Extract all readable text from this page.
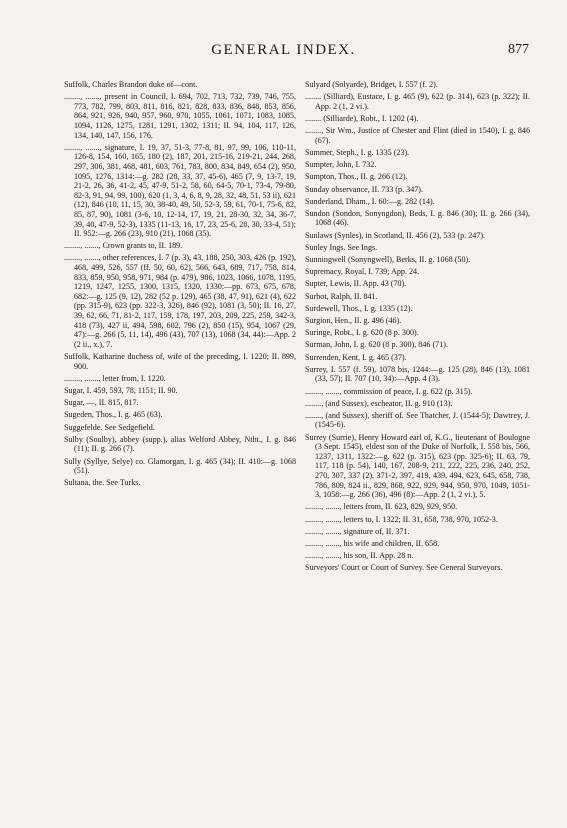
GENERAL INDEX.	877

Suffolk, Charles Brandon duke of—cont.

........, ......., present in Council, I. 694, 702, 713, 732, 739, 746, 755, 773, 782, 799, 803, 811, 816, 821, 828, 833, 836, 848, 853, 856, 864, 921, 926, 940, 957, 960, 970, 1055, 1061, 1071, 1083, 1085, 1094, 1126, 1275, 1281, 1291, 1302, 1311; II. 94, 104, 117, 126, 134, 140, 147, 156, 176.

........, ......., signature, I. 19, 37, 51-3, 77-8, 81, 97, 99, 106, 110-11, 126-8, 154, 160, 165, 180 (2), 187, 201, 215-16, 219-21, 244, 268, 297, 306, 381, 468, 481, 603, 761, 783, 800, 834, 849, 654 (2), 950, 1095, 1276, 1314:—g. 282 (28, 33, 37, 45-6), 465 (7, 9, 13-7, 19, 21-2, 26, 36, 41-2, 45, 47-9, 51-2, 58, 60, 64-5, 70-1, 73-4, 79-80, 82-3, 91, 94, 99, 100), 620 (1, 3, 4, 6, 8, 9, 28, 32, 48, 51, 53 ii), 621 (12), 846 (10, 11, 15, 30, 38-40, 49, 50, 52-3, 59, 61, 70-1, 75-6, 82, 85, 87, 90), 1081 (3-6, 10, 12-14, 17, 19, 21, 28-30, 32, 34, 36-7, 39, 40, 47-9, 52-3), 1335 (11-13, 16, 17, 23, 25-6, 28, 30, 33-4, 51); II. 952:—g. 266 (23), 910 (21), 1068 (35).

........, ......., Crown grants to, II. 189.

........, ......., other references, I. 7 (p. 3), 43, 188, 250, 303, 426 (p. 192), 468, 499, 526, 557 (ff. 50, 60, 62), 566, 643, 689, 717, 758, 814, 833, 859, 950, 958, 971, 984 (p. 479), 986, 1023, 1066, 1078, 1195, 1219, 1247, 1255, 1300, 1315, 1320, 1330:—pp. 673, 675, 678, 682:—g. 125 (9, 12), 282 (52 p. 129), 465 (38, 47, 91), 621 (4), 622 (pp. 315-9), 623 (pp. 322-3, 326), 846 (92), 1081 (3, 50); II. 16, 27, 39, 62, 66, 71, 81-2, 117, 159, 178, 197, 203, 209, 225, 259, 342-3, 418 (73), 427 ii, 494, 598, 602, 796 (2), 850 (15), 954, 1067 (29, 47):—g. 266 (5, 11, 14), 496 (43), 707 (13), 1068 (34, 44):—App. 2 (2 ii., x.), 7.

Suffolk, Katharine duchess of, wife of the preceding, I. 1220; II. 899, 900.

........, ......., letter from, I. 1220.

Sugar, I. 459, 593, 78, 1151; II. 90.

Sugar, —, II. 815, 817.

Sugeden, Thos., I. g. 465 (63).

Suggefelde. See Sedgefield.

Sulby (Soulby), abbey (supp.), alias Welford Abbey, Ntht., I. g. 846 (11); II. g. 266 (7).

Sully (Syllye, Selye) co. Glamorgan, I. g. 465 (34); II. 410:—g. 1068 (51).

Sultana, the. See Turks.

Sulyard (Solyarde), Bridget, I. 557 (f. 2).

........ (Silliard), Eustace, I. g. 465 (9), 622 (p. 314), 623 (p. 322); II. App. 2 (1, 2 vi.).

........ (Silliarde), Robt., I. 1202 (4).

........, Sir Wm., Justice of Chester and Flint (died in 1540), I. g. 846 (67).

Summer, Steph., I. g. 1335 (23).

Sumpter, John, I. 732.

Sumpton, Thos., II. g. 266 (12).

Sunday observance, II. 733 (p. 347).

Sunderland, Dham., I. 60:—g. 282 (14).

Sundon (Sondon, Sonyngdon), Beds, I. g. 846 (30); II. g. 266 (34), 1068 (46).

Sunlaws (Synles), in Scotland, II. 456 (2), 533 (p. 247).

Sunley Ings. See Ings.

Sunningwell (Sonyngwell), Berks, II. g. 1068 (50).

Supremacy, Royal, I. 739; App. 24.

Supter, Lewis, II. App. 43 (70).

Surbot, Ralph, II. 841.

Surdewell, Thos., I. g. 1335 (12).

Surgion, Hen., II. g. 496 (46).

Suringe, Robt., I. g. 620 (8 p. 300).

Surman, John, I. g. 620 (8 p. 300), 846 (71).

Surrenden, Kent, I. g. 465 (37).

Surrey, I. 557 (f. 59), 1078 bis, 1244:—g. 125 (28), 846 (13), 1081 (33, 57); II. 707 (10, 34):—App. 4 (3).

........, ......., commission of peace, I. g. 622 (p. 315).

........, (and Sussex), escheator, II. g. 910 (13).

........, (and Sussex), sheriff of. See Thatcher, J. (1544-5); Dawtrey, J. (1545-6).

Surrey (Surrie), Henry Howard earl of, K.G., lieutenant of Boulogne (3 Sept. 1545), eldest son of the Duke of Norfolk, I. 558 bis, 566, 1237, 1311, 1322:—g. 622 (p. 315), 623 (pp. 325-6); II. 63, 79, 117, 118 (p. 54), 140, 167, 208-9, 211, 222, 225, 236, 240, 252, 270, 307, 337 (2), 371-2, 397, 419, 439, 494, 623, 645, 658, 738, 786, 809, 824 ii., 829, 868, 922, 929, 944, 950, 970, 1049, 1051-3, 1058:—g. 266 (36), 496 (8):—App. 2 (1, 2 vi.), 5.

........, ......., letters from, II. 623, 829, 929, 950.

........, ......., letters to, I. 1322; II. 31, 658, 738, 970, 1052-3.

........, ......., signature of, II. 371.

........, ......., his wife and children, II. 658.

........, ......., his son, II. App. 28 n.

Surveyors' Court or Court of Survey. See General Surveyors.
